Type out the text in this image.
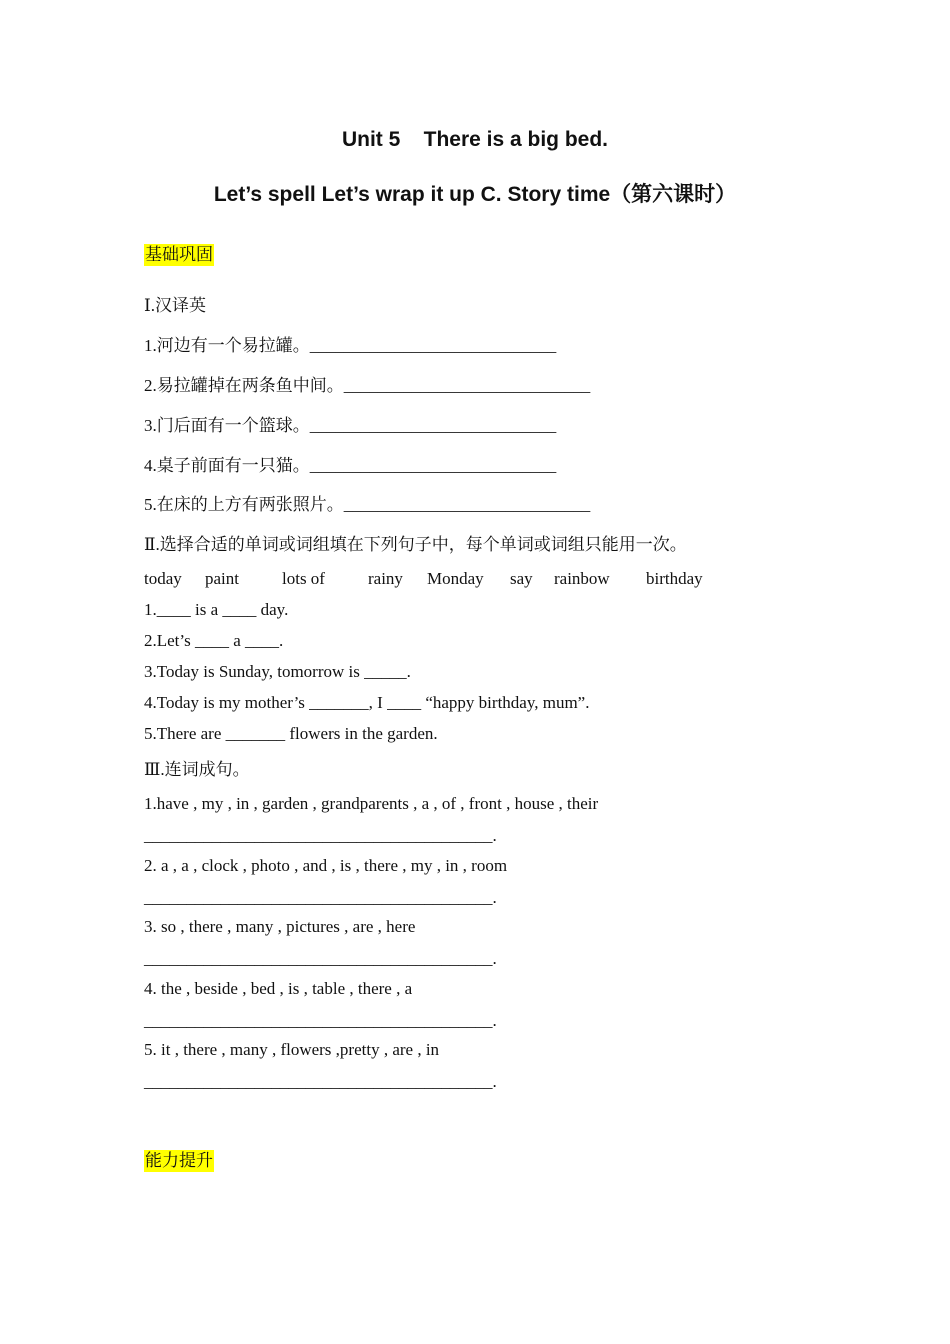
Unit 5    There is a big bed.
Let’s spell Let’s wrap it up C. Story time（第六课时）
基础巩固
Ⅰ.汉译英
1.河边有一个易拉罐。_____________________________
2.易拉罐掉在两条鱼中间。_____________________________
3.门后面有一个篮球。_____________________________
4.桌子前面有一只猫。_____________________________
5.在床的上方有两张照片。_____________________________
Ⅱ.选择合适的单词或词组填在下列句子中，每个单词或词组只能用一次。
today paint	lots of	rainy Monday say rainbow birthday
1.____ is a ____ day.
2.Let’s ____ a ____.
3.Today is Sunday, tomorrow is _____.
4.Today is my mother’s _______, I ____ “happy birthday, mum”.
5.There are _______ flowers in the garden.
Ⅲ.连词成句。
1.have , my , in , garden , grandparents , a , of , front , house , their
_________________________________________.
2. a , a , clock , photo , and , is , there , my , in , room
_________________________________________.
3. so , there , many , pictures , are , here
_________________________________________.
4. the , beside , bed , is , table , there , a
_________________________________________.
5. it , there , many , flowers ,pretty , are , in
_________________________________________.
能力提升
